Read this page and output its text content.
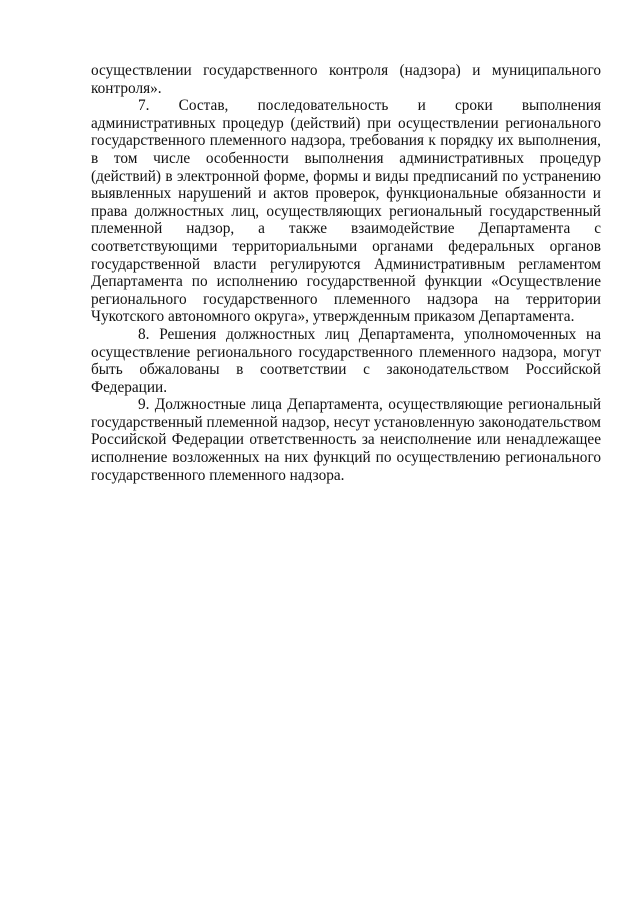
осуществлении государственного контроля (надзора) и муниципального контроля».

7. Состав, последовательность и сроки выполнения административных процедур (действий) при осуществлении регионального государственного племенного надзора, требования к порядку их выполнения, в том числе особенности выполнения административных процедур (действий) в электронной форме, формы и виды предписаний по устранению выявленных нарушений и актов проверок, функциональные обязанности и права должностных лиц, осуществляющих региональный государственный племенной надзор, а также взаимодействие Департамента с соответствующими территориальными органами федеральных органов государственной власти регулируются Административным регламентом Департамента по исполнению государственной функции «Осуществление регионального государственного племенного надзора на территории Чукотского автономного округа», утвержденным приказом Департамента.

8. Решения должностных лиц Департамента, уполномоченных на осуществление регионального государственного племенного надзора, могут быть обжалованы в соответствии с законодательством Российской Федерации.

9. Должностные лица Департамента, осуществляющие региональный государственный племенной надзор, несут установленную законодательством Российской Федерации ответственность за неисполнение или ненадлежащее исполнение возложенных на них функций по осуществлению регионального государственного племенного надзора.
